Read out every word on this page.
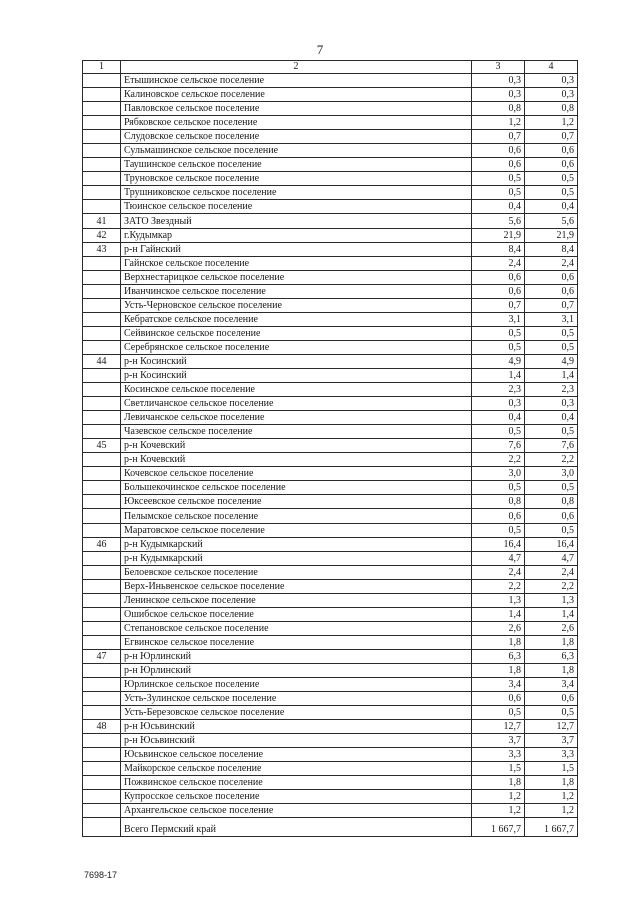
7
1	2	3	4
	Етышинское сельское поселение	0,3	0,3
	Калиновское сельское поселение	0,3	0,3
	Павловское сельское поселение	0,8	0,8
	Рябковское сельское поселение	1,2	1,2
	Слудовское сельское поселение	0,7	0,7
	Сульмашинское сельское поселение	0,6	0,6
	Таушинское сельское поселение	0,6	0,6
	Труновское сельское поселение	0,5	0,5
	Трушниковское сельское поселение	0,5	0,5
	Тюинское сельское поселение	0,4	0,4
41	ЗАТО Звездный	5,6	5,6
42	г.Кудымкар	21,9	21,9
43	р-н Гайнский	8,4	8,4
	Гайнское сельское поселение	2,4	2,4
	Верхнестарицкое сельское поселение	0,6	0,6
	Иванчинское сельское поселение	0,6	0,6
	Усть-Черновское сельское поселение	0,7	0,7
	Кебратское сельское поселение	3,1	3,1
	Сейвинское сельское поселение	0,5	0,5
	Серебрянское сельское поселение	0,5	0,5
44	р-н Косинский	4,9	4,9
	р-н Косинский	1,4	1,4
	Косинское сельское поселение	2,3	2,3
	Светличанское сельское поселение	0,3	0,3
	Левичанское сельское поселение	0,4	0,4
	Чазевское сельское поселение	0,5	0,5
45	р-н Кочевский	7,6	7,6
	р-н Кочевский	2,2	2,2
	Кочевское сельское поселение	3,0	3,0
	Большекочинское сельское поселение	0,5	0,5
	Юксеевское сельское поселение	0,8	0,8
	Пелымское сельское поселение	0,6	0,6
	Маратовское сельское поселение	0,5	0,5
46	р-н Кудымкарский	16,4	16,4
	р-н Кудымкарский	4,7	4,7
	Белоевское сельское поселение	2,4	2,4
	Верх-Иньвенское сельское поселение	2,2	2,2
	Ленинское сельское поселение	1,3	1,3
	Ошибское сельское поселение	1,4	1,4
	Степановское сельское поселение	2,6	2,6
	Егвинское сельское поселение	1,8	1,8
47	р-н Юрлинский	6,3	6,3
	р-н Юрлинский	1,8	1,8
	Юрлинское сельское поселение	3,4	3,4
	Усть-Зулинское сельское поселение	0,6	0,6
	Усть-Березовское сельское поселение	0,5	0,5
48	р-н Юсьвинский	12,7	12,7
	р-н Юсьвинский	3,7	3,7
	Юсьвинское сельское поселение	3,3	3,3
	Майкорское сельское поселение	1,5	1,5
	Пожвинское сельское поселение	1,8	1,8
	Купросское сельское поселение	1,2	1,2
	Архангельское сельское поселение	1,2	1,2
	Всего Пермский край	1 667,7	1 667,7
7698-17
